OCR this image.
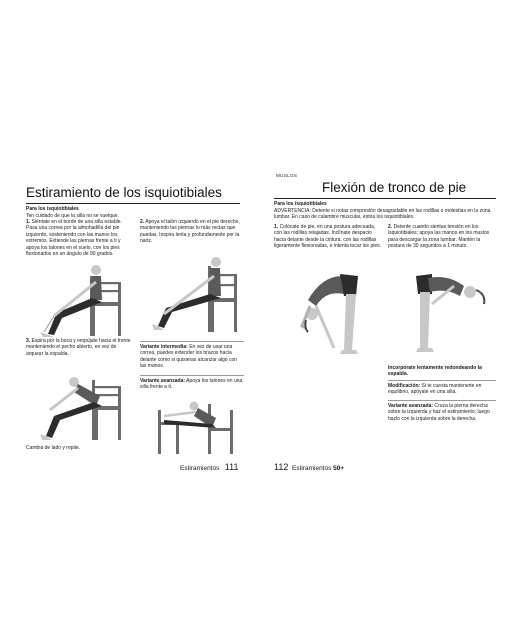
Estiramiento de los isquiotibiales
Para los isquiotibiales
Ten cuidado de que la silla no se vuelque.
1. Siéntate en el borde de una silla estable. Pasa una correa por la almohadilla del pie izquierdo, sosteniendo con las manos los extremos. Extiende las piernas frente a ti y apoya los talones en el suelo, con los pies flexionados en un ángulo de 90 grados.
2. Apoya el talón izquierdo en el pie derecho, manteniendo las piernas lo más rectas que puedas. Inspira lenta y profundamente por la nariz.
3. Espira por la boca y empújate hacia el frente manteniendo el pecho abierto, en vez de arquear la espalda.
Variante intermedia: En vez de usar una correa, puedes extender los brazos hacia delante como si quisieras alcanzar algo con las manos.
Variante avanzada: Apoya los talones en una silla frente a ti.
Cambia de lado y repite.
Estiramientos 111
MUSLOS
Flexión de tronco de pie
Para los isquiotibiales
ADVERTENCIA: Detente si notas compresión desagradable en las rodillas o molestias en la zona lumbar. En caso de calambre muscular, estira los isquiotibiales.
1. Colócate de pie, en una postura adecuada, con las rodillas relajadas. Inclínate despacio hacia delante desde la cintura, con las rodillas ligeramente flexionadas, e intenta tocar los pies.
2. Detente cuando sientas tensión en los isquiotibiales; apoya las manos en los muslos para descargar la zona lumbar. Mantén la postura de 30 segundos a 1 minuto.
Incorpórate lentamente redondeando la espalda.
Modificación: Si te cuesta mantenerte en equilibrio, apóyate en una silla.
Variante avanzada: Cruza la pierna derecha sobre la izquierda y haz el estiramiento; luego hazlo con la izquierda sobre la derecha.
112 Estiramientos 50+
